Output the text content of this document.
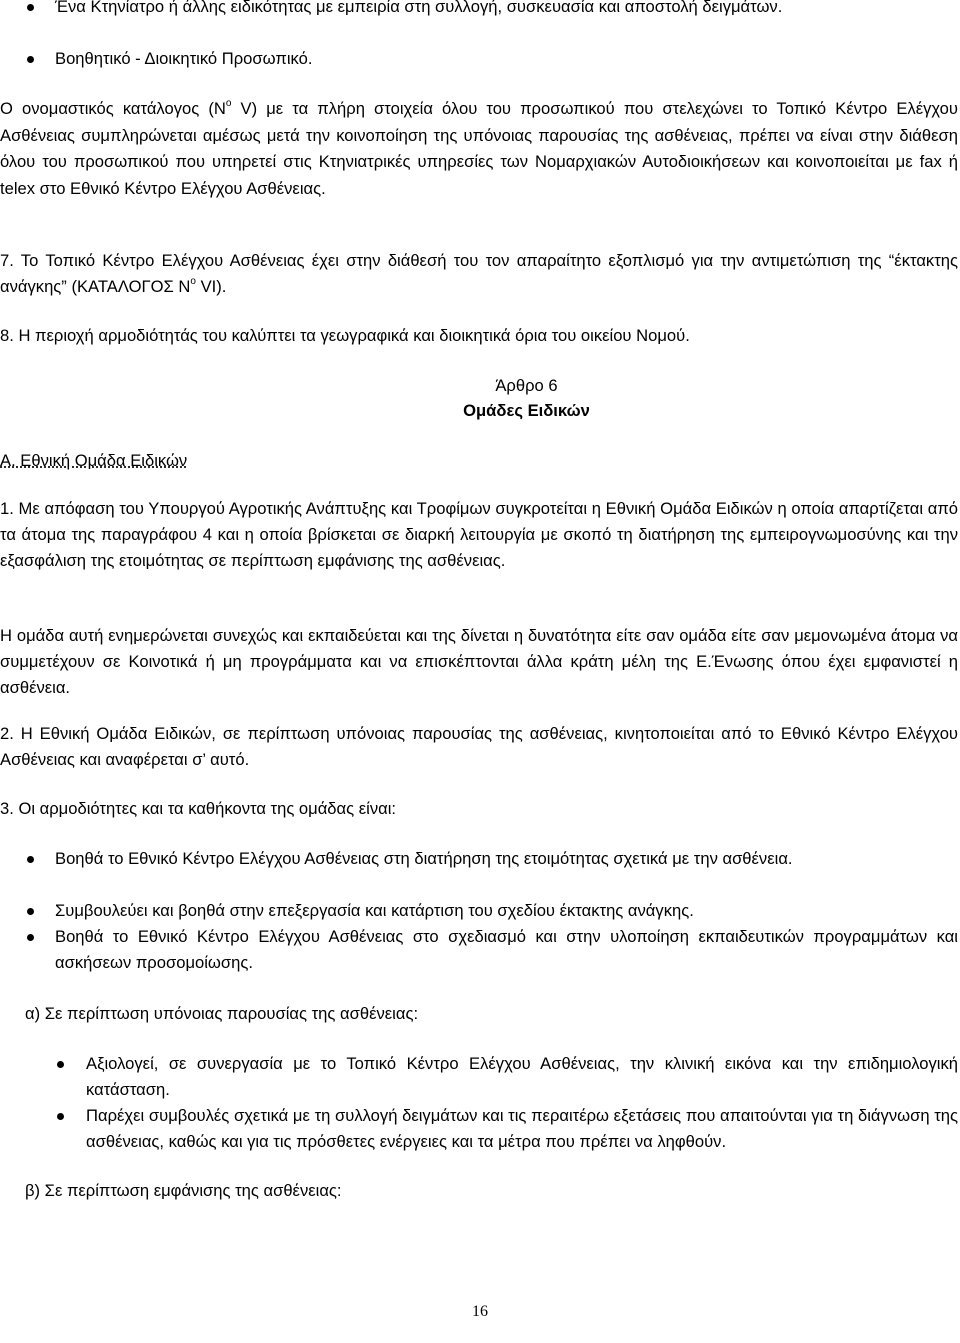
Ένα Κτηνίατρο ή άλλης ειδικότητας με εμπειρία στη συλλογή, συσκευασία και αποστολή δειγμάτων.
Βοηθητικό - Διοικητικό Προσωπικό.
Ο ονομαστικός κατάλογος ($N^o$ V) με τα πλήρη στοιχεία όλου του προσωπικού που στελεχώνει το Τοπικό Κέντρο Ελέγχου Ασθένειας συμπληρώνεται αμέσως μετά την κοινοποίηση της υπόνοιας παρουσίας της ασθένειας, πρέπει να είναι στην διάθεση όλου του προσωπικού που υπηρετεί στις Κτηνιατρικές υπηρεσίες των Νομαρχιακών Αυτοδιοικήσεων και κοινοποιείται με fax ή telex στο Εθνικό Κέντρο Ελέγχου Ασθένειας.
7. Το Τοπικό Κέντρο Ελέγχου Ασθένειας έχει στην διάθεσή του τον απαραίτητο εξοπλισμό για την αντιμετώπιση της “έκτακτης ανάγκης” (ΚΑΤΑΛΟΓΟΣ $N^o$ VI).
8. Η περιοχή αρμοδιότητάς του καλύπτει τα γεωγραφικά και διοικητικά όρια του οικείου Νομού.
Άρθρο 6
Ομάδες Ειδικών
Α. Εθνική Ομάδα Ειδικών
1. Με απόφαση του Υπουργού Αγροτικής Ανάπτυξης και Τροφίμων συγκροτείται η Εθνική Ομάδα Ειδικών η οποία απαρτίζεται από τα άτομα της παραγράφου 4 και η οποία βρίσκεται σε διαρκή λειτουργία με σκοπό τη διατήρηση της εμπειρογνωμοσύνης και την εξασφάλιση της ετοιμότητας σε περίπτωση εμφάνισης της ασθένειας.
Η ομάδα αυτή ενημερώνεται συνεχώς και εκπαιδεύεται και της δίνεται η δυνατότητα είτε σαν ομάδα είτε σαν μεμονωμένα άτομα να συμμετέχουν σε Κοινοτικά ή μη προγράμματα και να επισκέπτονται άλλα κράτη μέλη της Ε.Ένωσης όπου έχει εμφανιστεί η ασθένεια.
2. Η Εθνική Ομάδα Ειδικών, σε περίπτωση υπόνοιας παρουσίας της ασθένειας, κινητοποιείται από το Εθνικό Κέντρο Ελέγχου Ασθένειας και αναφέρεται σ’ αυτό.
3. Οι αρμοδιότητες και τα καθήκοντα της ομάδας είναι:
Βοηθά το Εθνικό Κέντρο Ελέγχου Ασθένειας στη διατήρηση της ετοιμότητας σχετικά με την ασθένεια.
Συμβουλεύει και βοηθά στην επεξεργασία και κατάρτιση του σχεδίου έκτακτης ανάγκης.
Βοηθά το Εθνικό Κέντρο Ελέγχου Ασθένειας στο σχεδιασμό και στην υλοποίηση εκπαιδευτικών προγραμμάτων και ασκήσεων προσομοίωσης.
α) Σε περίπτωση υπόνοιας παρουσίας της ασθένειας:
Αξιολογεί, σε συνεργασία με το Τοπικό Κέντρο Ελέγχου Ασθένειας, την κλινική εικόνα και την επιδημιολογική κατάσταση.
Παρέχει συμβουλές σχετικά με τη συλλογή δειγμάτων και τις περαιτέρω εξετάσεις που απαιτούνται για τη διάγνωση της ασθένειας, καθώς και για τις πρόσθετες ενέργειες και τα μέτρα που πρέπει να ληφθούν.
β) Σε περίπτωση εμφάνισης της ασθένειας:
16
